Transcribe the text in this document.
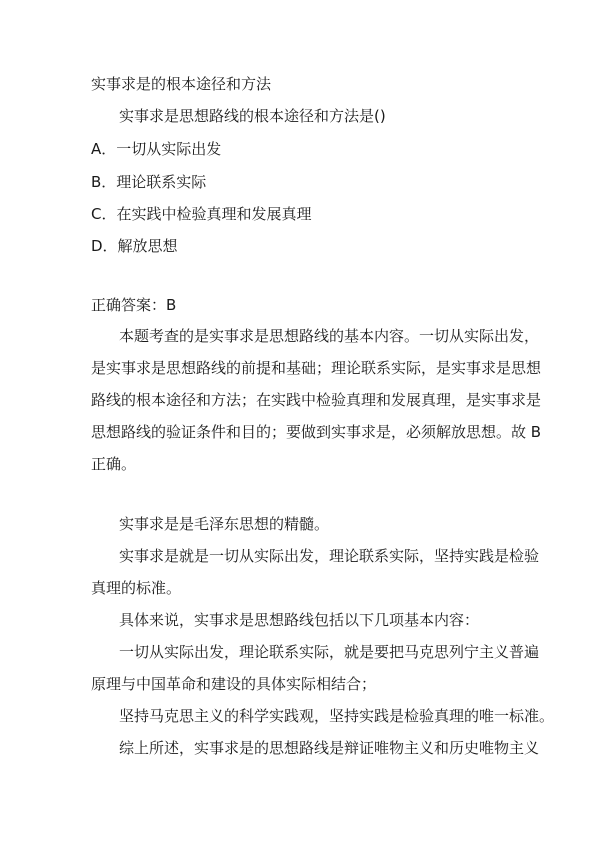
实事求是的根本途径和方法
实事求是思想路线的根本途径和方法是()
A．一切从实际出发
B．理论联系实际
C．在实践中检验真理和发展真理
D．解放思想
正确答案：B
本题考查的是实事求是思想路线的基本内容。一切从实际出发，
是实事求是思想路线的前提和基础；理论联系实际，是实事求是思想
路线的根本途径和方法；在实践中检验真理和发展真理，是实事求是
思想路线的验证条件和目的；要做到实事求是，必须解放思想。故 B
正确。
实事求是是毛泽东思想的精髓。
实事求是就是一切从实际出发，理论联系实际，坚持实践是检验
真理的标准。
具体来说，实事求是思想路线包括以下几项基本内容：
一切从实际出发，理论联系实际，就是要把马克思列宁主义普遍
原理与中国革命和建设的具体实际相结合；
坚持马克思主义的科学实践观，坚持实践是检验真理的唯一标准。
综上所述，实事求是的思想路线是辩证唯物主义和历史唯物主义
